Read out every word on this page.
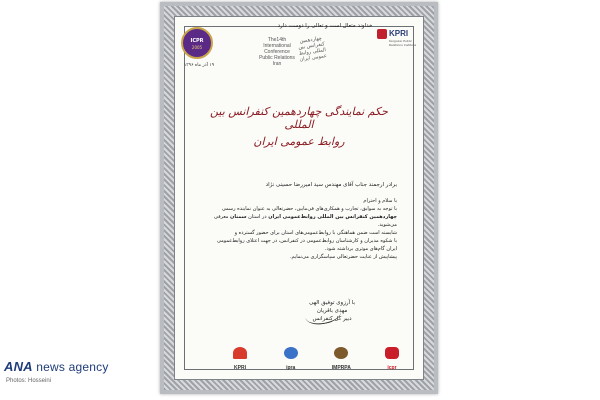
خداوند متعال است و تعالی را دوست دارد
ICPR
2005
۱۹ آذر ماه ۱۳۹۶
KPRI
Kargozar Public Relations Institute
The14th International Conference Public Relations Iran
چهاردهمین کنفرانس بین المللی روابط عمومی ایران
حکم نمایندگی چهاردهمین کنفرانس بین المللی
روابط عمومی ایران
برادر ارجمند جناب آقای مهندس سید امیررضا حسینی نژاد

با سلام و احترام

با توجه به سوابق، تجارب و همکاری‌های فی‌ما‌بین، حضرتعالی به عنوان نماینده رسمی

چهاردهمین کنفرانس بین المللی روابط‌عمومی ایران در استان سمنان معرفی می‌شوید.

شایسته است ضمن هماهنگی با روابط‌عمومی‌های استان برای حضور گسترده و

با شکوه مدیران و کارشناسان روابط‌عمومی در کنفرانس، در جهت اعتلای روابط‌عمومی

ایران گام‌های موثری برداشته شود.

پیشاپیش از عنایت حضرتعالی سپاسگزاری می‌نمایم.

با آرزوی توفیق الهی
مهدی باقریان
دبیر کل کنفرانس
KPRI	ipra	IMPRPA	icpr
ANA news agency
Photos: Hosseini
